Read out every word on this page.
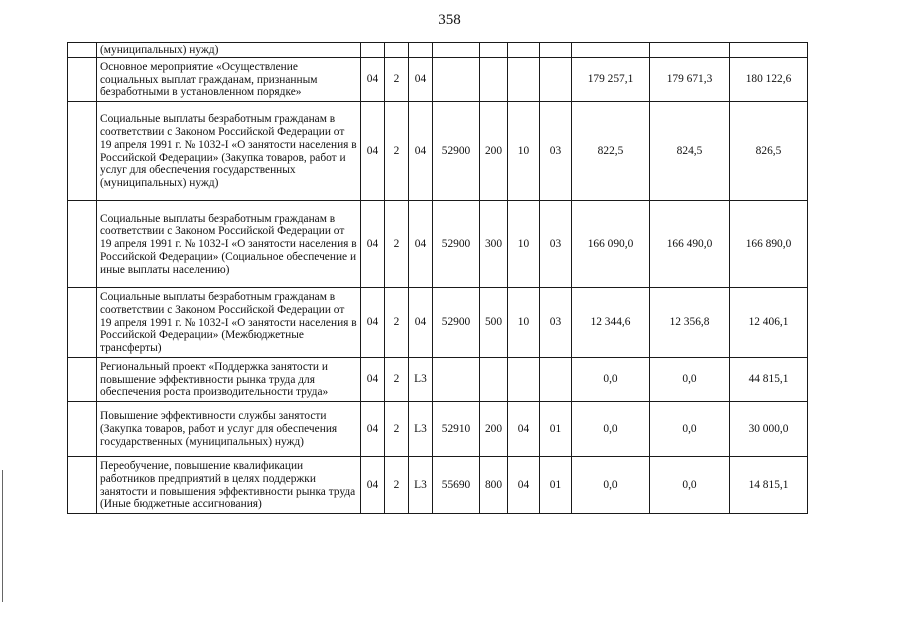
358
	(муниципальных) нужд)										
	Основное мероприятие «Осуществление социальных выплат гражданам, признанным безработными в установленном порядке»	04	2	04					179 257,1	179 671,3	180 122,6
	Социальные выплаты безработным гражданам в соответствии с Законом Российской Федерации от 19 апреля 1991 г. № 1032-I «О занятости населения в Российской Федерации» (Закупка товаров, работ и услуг для обеспечения государственных (муниципальных) нужд)	04	2	04	52900	200	10	03	822,5	824,5	826,5
	Социальные выплаты безработным гражданам в соответствии с Законом Российской Федерации от 19 апреля 1991 г. № 1032-I «О занятости населения в Российской Федерации» (Социальное обеспечение и иные выплаты населению)	04	2	04	52900	300	10	03	166 090,0	166 490,0	166 890,0
	Социальные выплаты безработным гражданам в соответствии с Законом Российской Федерации от 19 апреля 1991 г. № 1032-I «О занятости населения в Российской Федерации» (Межбюджетные трансферты)	04	2	04	52900	500	10	03	12 344,6	12 356,8	12 406,1
	Региональный проект «Поддержка занятости и повышение эффективности рынка труда для обеспечения роста производительности труда»	04	2	L3					0,0	0,0	44 815,1
	Повышение эффективности службы занятости (Закупка товаров, работ и услуг для обеспечения государственных (муниципальных) нужд)	04	2	L3	52910	200	04	01	0,0	0,0	30 000,0
	Переобучение, повышение квалификации работников предприятий в целях поддержки занятости и повышения эффективности рынка труда (Иные бюджетные ассигнования)	04	2	L3	55690	800	04	01	0,0	0,0	14 815,1
